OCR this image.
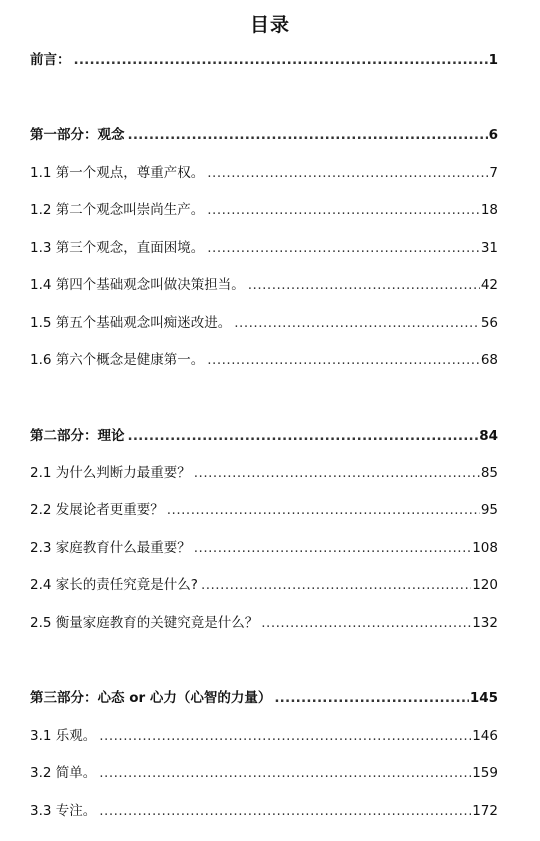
目录
前言： .....	1
第一部分：观念 .....	6
1.1 第一个观点，尊重产权。 .....	7
1.2 第二个观念叫崇尚生产。 .....	18
1.3 第三个观念，直面困境。 .....	31
1.4 第四个基础观念叫做决策担当。 .....	42
1.5 第五个基础观念叫痴迷改进。 .....	56
1.6 第六个概念是健康第一。 .....	68
第二部分：理论 .....	84
2.1 为什么判断力最重要？ .....	85
2.2 发展论者更重要？ .....	95
2.3 家庭教育什么最重要？ .....	108
2.4 家长的责任究竟是什么? .....	120
2.5 衡量家庭教育的关键究竟是什么？ .....	132
第三部分：心态 or 心力（心智的力量） .....	145
3.1 乐观。 .....	146
3.2 简单。 .....	159
3.3 专注。 .....	172
